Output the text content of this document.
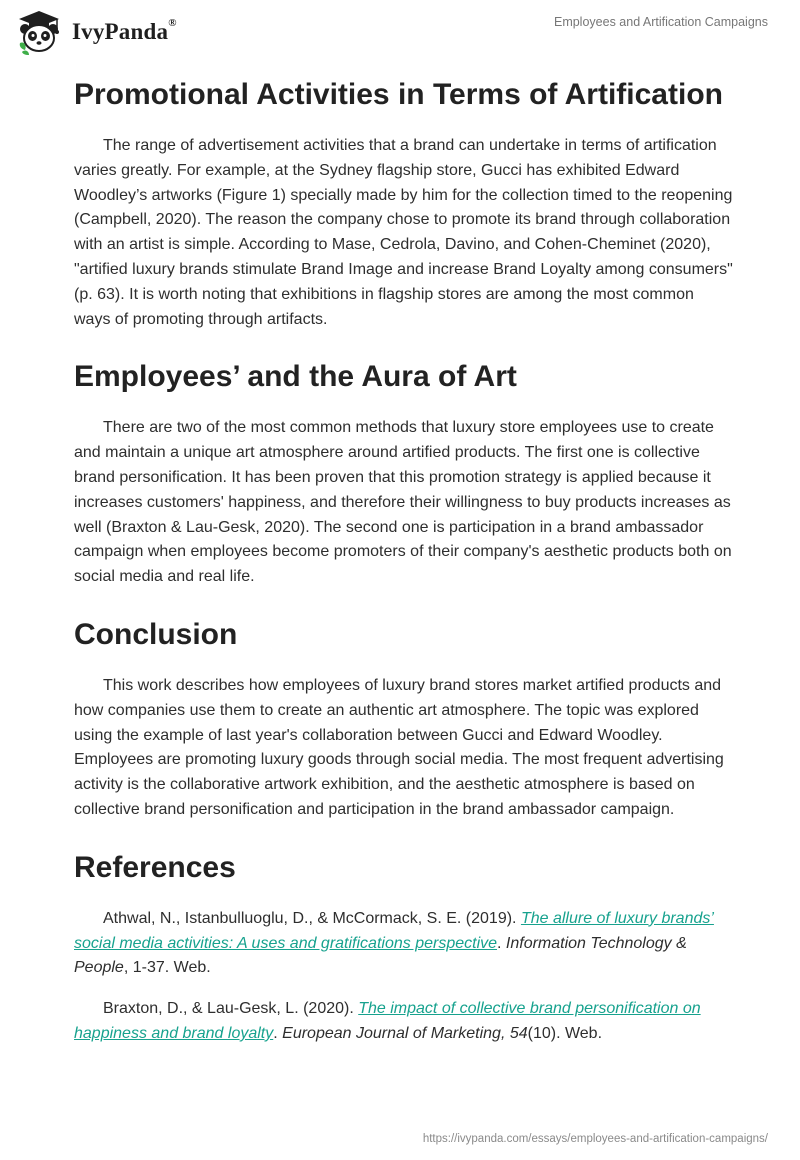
IvyPanda®	Employees and Artification Campaigns
Promotional Activities in Terms of Artification

The range of advertisement activities that a brand can undertake in terms of artification varies greatly. For example, at the Sydney flagship store, Gucci has exhibited Edward Woodley’s artworks (Figure 1) specially made by him for the collection timed to the reopening (Campbell, 2020). The reason the company chose to promote its brand through collaboration with an artist is simple. According to Mase, Cedrola, Davino, and Cohen-Cheminet (2020), "artified luxury brands stimulate Brand Image and increase Brand Loyalty among consumers" (p. 63). It is worth noting that exhibitions in flagship stores are among the most common ways of promoting through artifacts.

Employees’ and the Aura of Art

There are two of the most common methods that luxury store employees use to create and maintain a unique art atmosphere around artified products. The first one is collective brand personification. It has been proven that this promotion strategy is applied because it increases customers' happiness, and therefore their willingness to buy products increases as well (Braxton & Lau-Gesk, 2020). The second one is participation in a brand ambassador campaign when employees become promoters of their company's aesthetic products both on social media and real life.

Conclusion

This work describes how employees of luxury brand stores market artified products and how companies use them to create an authentic art atmosphere. The topic was explored using the example of last year's collaboration between Gucci and Edward Woodley. Employees are promoting luxury goods through social media. The most frequent advertising activity is the collaborative artwork exhibition, and the aesthetic atmosphere is based on collective brand personification and participation in the brand ambassador campaign.

References

Athwal, N., Istanbulluoglu, D., & McCormack, S. E. (2019). The allure of luxury brands’ social media activities: A uses and gratifications perspective. Information Technology & People, 1-37. Web.

Braxton, D., & Lau-Gesk, L. (2020). The impact of collective brand personification on happiness and brand loyalty. European Journal of Marketing, 54(10). Web.

https://ivypanda.com/essays/employees-and-artification-campaigns/
